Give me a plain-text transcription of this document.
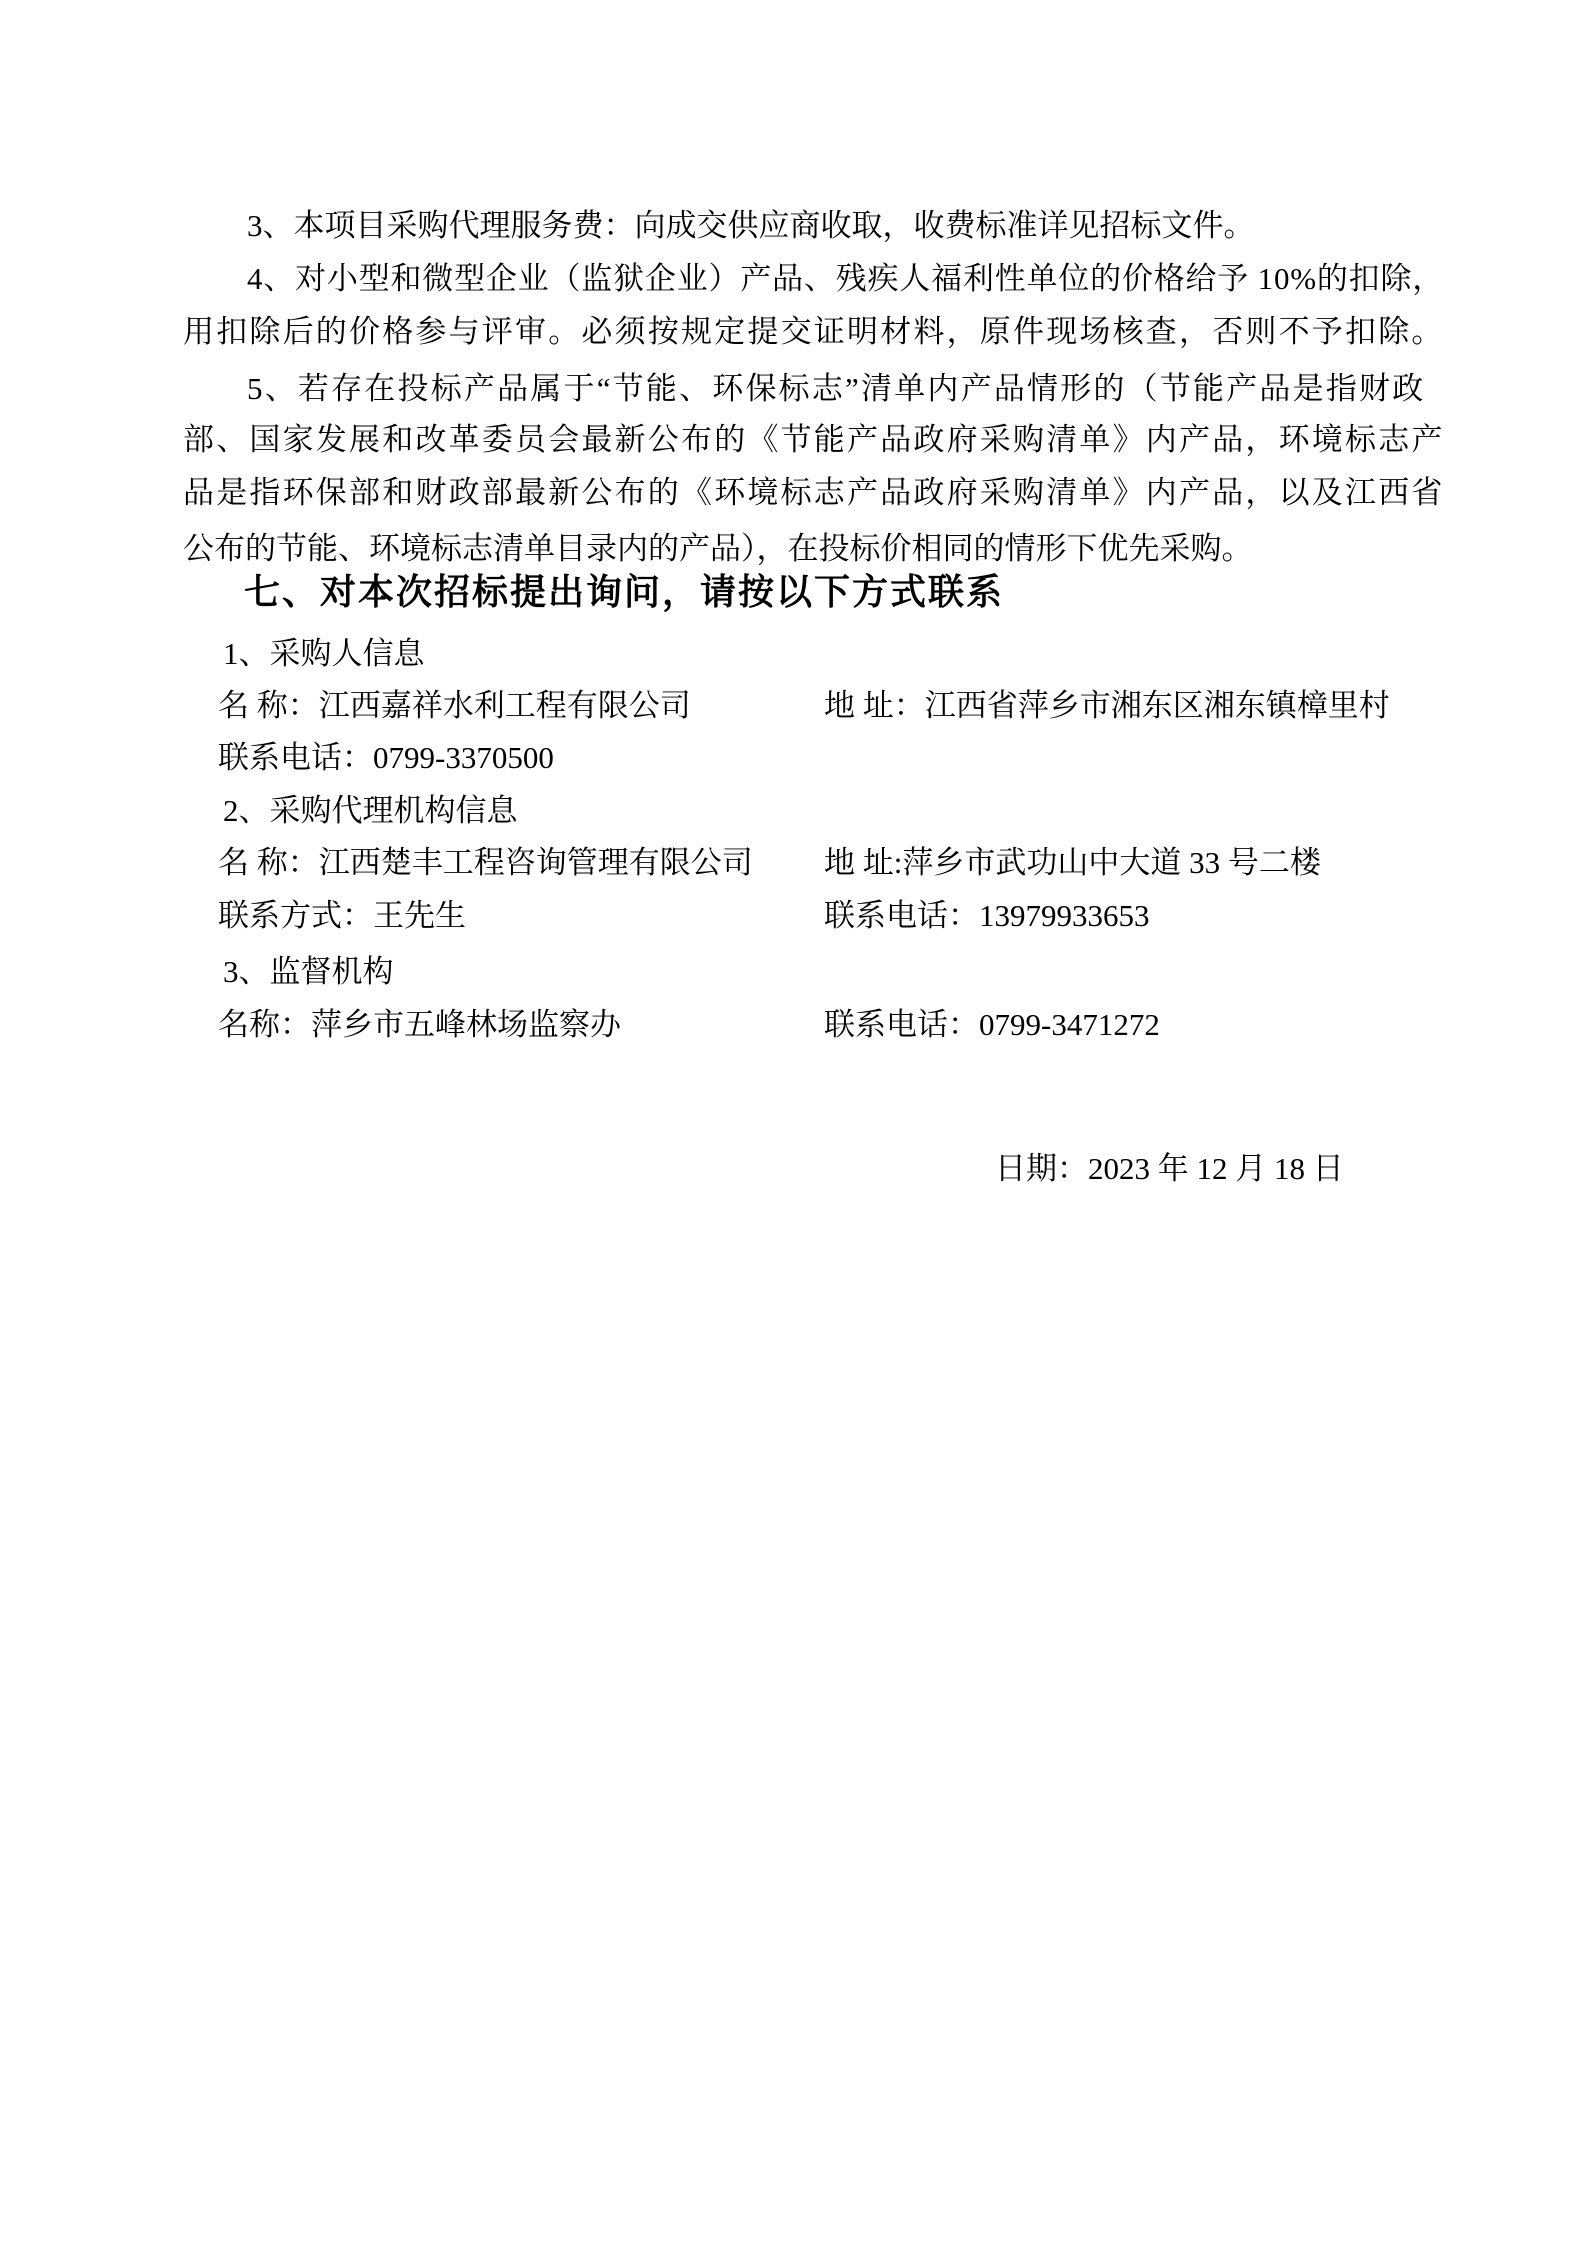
3、本项目采购代理服务费：向成交供应商收取，收费标准详见招标文件。
4、对小型和微型企业（监狱企业）产品、残疾人福利性单位的价格给予 10%的扣除，
用扣除后的价格参与评审。必须按规定提交证明材料，原件现场核查，否则不予扣除。
5、若存在投标产品属于“节能、环保标志”清单内产品情形的（节能产品是指财政
部、国家发展和改革委员会最新公布的《节能产品政府采购清单》内产品，环境标志产
品是指环保部和财政部最新公布的《环境标志产品政府采购清单》内产品，以及江西省
公布的节能、环境标志清单目录内的产品），在投标价相同的情形下优先采购。
七、对本次招标提出询问，请按以下方式联系
1、采购人信息
名 称：江西嘉祥水利工程有限公司	地 址：江西省萍乡市湘东区湘东镇樟里村
联系电话：0799-3370500
2、采购代理机构信息
名 称：江西楚丰工程咨询管理有限公司 地 址:萍乡市武功山中大道 33 号二楼
联系方式：王先生	联系电话：13979933653
3、监督机构
名称：萍乡市五峰林场监察办	联系电话：0799-3471272
日期：2023 年 12 月 18 日
